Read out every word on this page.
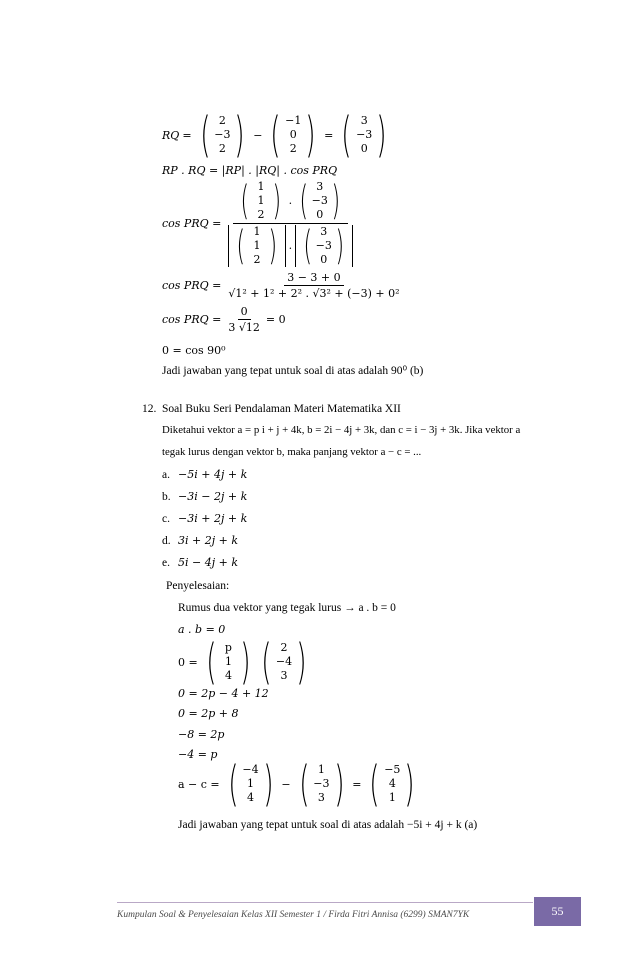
RQ = ( 2
−3
2 ) − ( −1
0
2 ) = ( 3
−3
0 )
RP . RQ = |RP| . |RQ| . cos PRQ
cos PRQ = ( 1
1
2 ) . ( 3
−3
0 )
( 1
1
2 ) . ( 3
−3
0 )
cos PRQ = $\frac{3 - 3 + 0}{\text{√1² + 1² + 2² . √3² + (−3) + 0²}}$
cos PRQ = $\frac{0}{3 √12} = 0$
0 = cos 90⁰
Jadi jawaban yang tepat untuk soal di atas adalah 90⁰ (b)
12. Soal Buku Seri Pendalaman Materi Matematika XII
Diketahui vektor a = p i + j + 4k, b = 2i − 4j + 3k, dan c = i − 3j + 3k. Jika vektor a
tegak lurus dengan vektor b, maka panjang vektor a − c = ...
a. −5i + 4j + k
b. −3i − 2j + k
c. −3i + 2j + k
d. 3i + 2j + k
e. 5i − 4j + k
Penyelesaian:
Rumus dua vektor yang tegak lurus → a . b = 0
a . b = 0
0 = ( p
1
4 ) ( 2
−4
3 )
0 = 2p − 4 + 12
0 = 2p + 8
−8 = 2p
−4 = p
a − c = ( −4
1
4 ) − ( 1
−3
3 ) = ( −5
4
1 )
Jadi jawaban yang tepat untuk soal di atas adalah −5i + 4j + k (a)
Kumpulan Soal & Penyelesaian Kelas XII Semester 1 / Firda Fitri Annisa (6299) SMAN7YK	55
